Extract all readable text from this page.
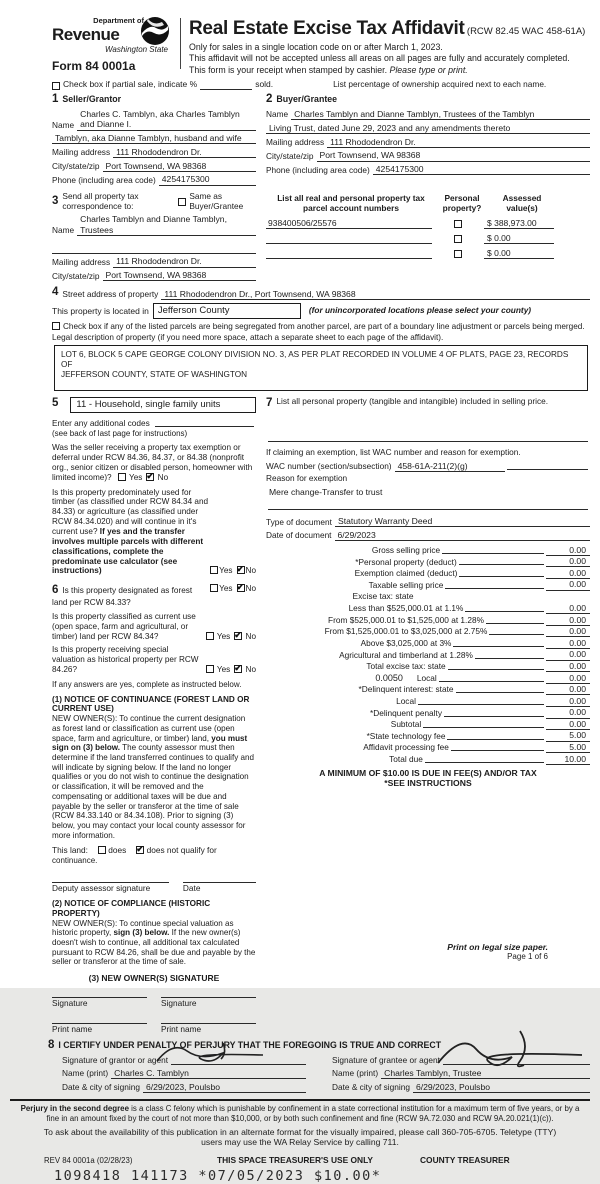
Department of
Revenue
Washington State
Form 84 0001a
Real Estate Excise Tax Affidavit (RCW 82.45 WAC 458-61A)
Only for sales in a single location code on or after March 1, 2023.
This affidavit will not be accepted unless all areas on all pages are fully and accurately completed.
This form is your receipt when stamped by cashier. Please type or print.
Check box if partial sale, indicate %	sold.	List percentage of ownership acquired next to each name.
1 Seller/Grantor
Name
Charles C. Tamblyn, aka Charles Tamblyn and Dianne I.
Tamblyn, aka Dianne Tamblyn, husband and wife
Mailing address 111 Rhododendron Dr.
City/state/zip Port Townsend, WA 98368
Phone (including area code) 4254175300
2 Buyer/Grantee
Name Charles Tamblyn and Dianne Tamblyn, Trustees of the Tamblyn
Living Trust, dated June 29, 2023 and any amendments thereto
Mailing address 111 Rhododendron Dr.
City/state/zip Port Townsend, WA 98368
Phone (including area code) 4254175300
3 Send all property tax correspondence to:
Same as Buyer/Grantee
Name
Charles Tamblyn and Dianne Tamblyn, Trustees
Mailing address 111 Rhododendron Dr.
City/state/zip Port Townsend, WA 98368
List all real and personal property tax
parcel account numbers
Personal
property?
Assessed
value(s)
938400506/25576	$ 388,973.00
$ 0.00
$ 0.00
4 Street address of property 111 Rhododendron Dr., Port Townsend, WA 98368
This property is located in Jefferson County	(for unincorporated locations please select your county)
Check box if any of the listed parcels are being segregated from another parcel, are part of a boundary line adjustment or parcels being merged.
Legal description of property (if you need more space, attach a separate sheet to each page of the affidavit).
LOT 6, BLOCK 5 CAPE GEORGE COLONY DIVISION NO. 3, AS PER PLAT RECORDED IN VOLUME 4 OF PLATS, PAGE 23, RECORDS OF
JEFFERSON COUNTY, STATE OF WASHINGTON
5	11 - Household, single family units
Enter any additional codes
(see back of last page for instructions)
Was the seller receiving a property tax exemption or deferral under RCW 84.36, 84.37, or 84.38 (nonprofit org., senior citizen or disabled person, homeowner with limited income)? Yes ✔ No
Is this property predominately used for timber (as classified under RCW 84.34 and 84.33) or agriculture (as classified under RCW 84.34.020) and will continue in it's current use? If yes and the transfer involves multiple parcels with different classifications, complete the predominate use calculator (see instructions)	Yes ✔ No
6 Is this property designated as forest land per RCW 84.33?
Yes ✔ No
Is this property classified as current use (open space, farm and agricultural, or timber) land per RCW 84.34?	Yes ✔ No
Is this property receiving special valuation as historical property per RCW 84.26?	Yes ✔ No
If any answers are yes, complete as instructed below.
(1) NOTICE OF CONTINUANCE (FOREST LAND OR CURRENT USE)
NEW OWNER(S): To continue the current designation as forest land or classification as current use (open space, farm and agriculture, or timber) land, you must sign on (3) below. The county assessor must then determine if the land transferred continues to qualify and will indicate by signing below. If the land no longer qualifies or you do not wish to continue the designation or classification, it will be removed and the compensating or additional taxes will be due and payable by the seller or transferor at the time of sale (RCW 84.33.140 or 84.34.108). Prior to signing (3) below, you may contact your local county assessor for more information.
This land:	does ✔	does not qualify for
continuance.
Deputy assessor signature	Date
(2) NOTICE OF COMPLIANCE (HISTORIC PROPERTY)
NEW OWNER(S): To continue special valuation as historic property, sign (3) below. If the new owner(s) doesn't wish to continue, all additional tax calculated pursuant to RCW 84.26, shall be due and payable by the seller or transferor at the time of sale.
(3) NEW OWNER(S) SIGNATURE
Signature	Signature
Print name	Print name
7 List all personal property (tangible and intangible) included in selling price.
If claiming an exemption, list WAC number and reason for exemption.
WAC number (section/subsection) 458-61A-211(2)(g)
Reason for exemption
Mere change-Transfer to trust
Type of document Statutory Warranty Deed
Date of document 6/29/2023
Gross selling price	0.00
*Personal property (deduct)	0.00
Exemption claimed (deduct)	0.00
Taxable selling price	0.00
Excise tax: state
Less than $525,000.01 at 1.1%	0.00
From $525,000.01 to $1,525,000 at 1.28%	0.00
From $1,525,000.01 to $3,025,000 at 2.75%	0.00
Above $3,025,000 at 3%	0.00
Agricultural and timberland at 1.28%	0.00
Total excise tax: state	0.00
0.0050	Local	0.00
*Delinquent interest: state	0.00
Local	0.00
*Delinquent penalty	0.00
Subtotal	0.00
*State technology fee	5.00
Affidavit processing fee	5.00
Total due	10.00
A MINIMUM OF $10.00 IS DUE IN FEE(S) AND/OR TAX
*SEE INSTRUCTIONS
8 I CERTIFY UNDER PENALTY OF PERJURY THAT THE FOREGOING IS TRUE AND CORRECT
Signature of grantor or agent
Name (print) Charles C. Tamblyn
Date & city of signing 6/29/2023, Poulsbo
Signature of grantee or agent
Name (print) Charles Tamblyn, Trustee
Date & city of signing 6/29/2023, Poulsbo
Perjury in the second degree is a class C felony which is punishable by confinement in a state correctional institution for a maximum term of five years, or by a fine in an amount fixed by the court of not more than $10,000, or by both such confinement and fine (RCW 9A.72.030 and RCW 9A.20.021(1)(c)).
To ask about the availability of this publication in an alternate format for the visually impaired, please call 360-705-6705. Teletype (TTY) users may use the WA Relay Service by calling 711.
REV 84 0001a (02/28/23)	THIS SPACE TREASURER'S USE ONLY	COUNTY TREASURER
1098418 141173 *07/05/2023 $10.00*
Print on legal size paper.
Page 1 of 6
